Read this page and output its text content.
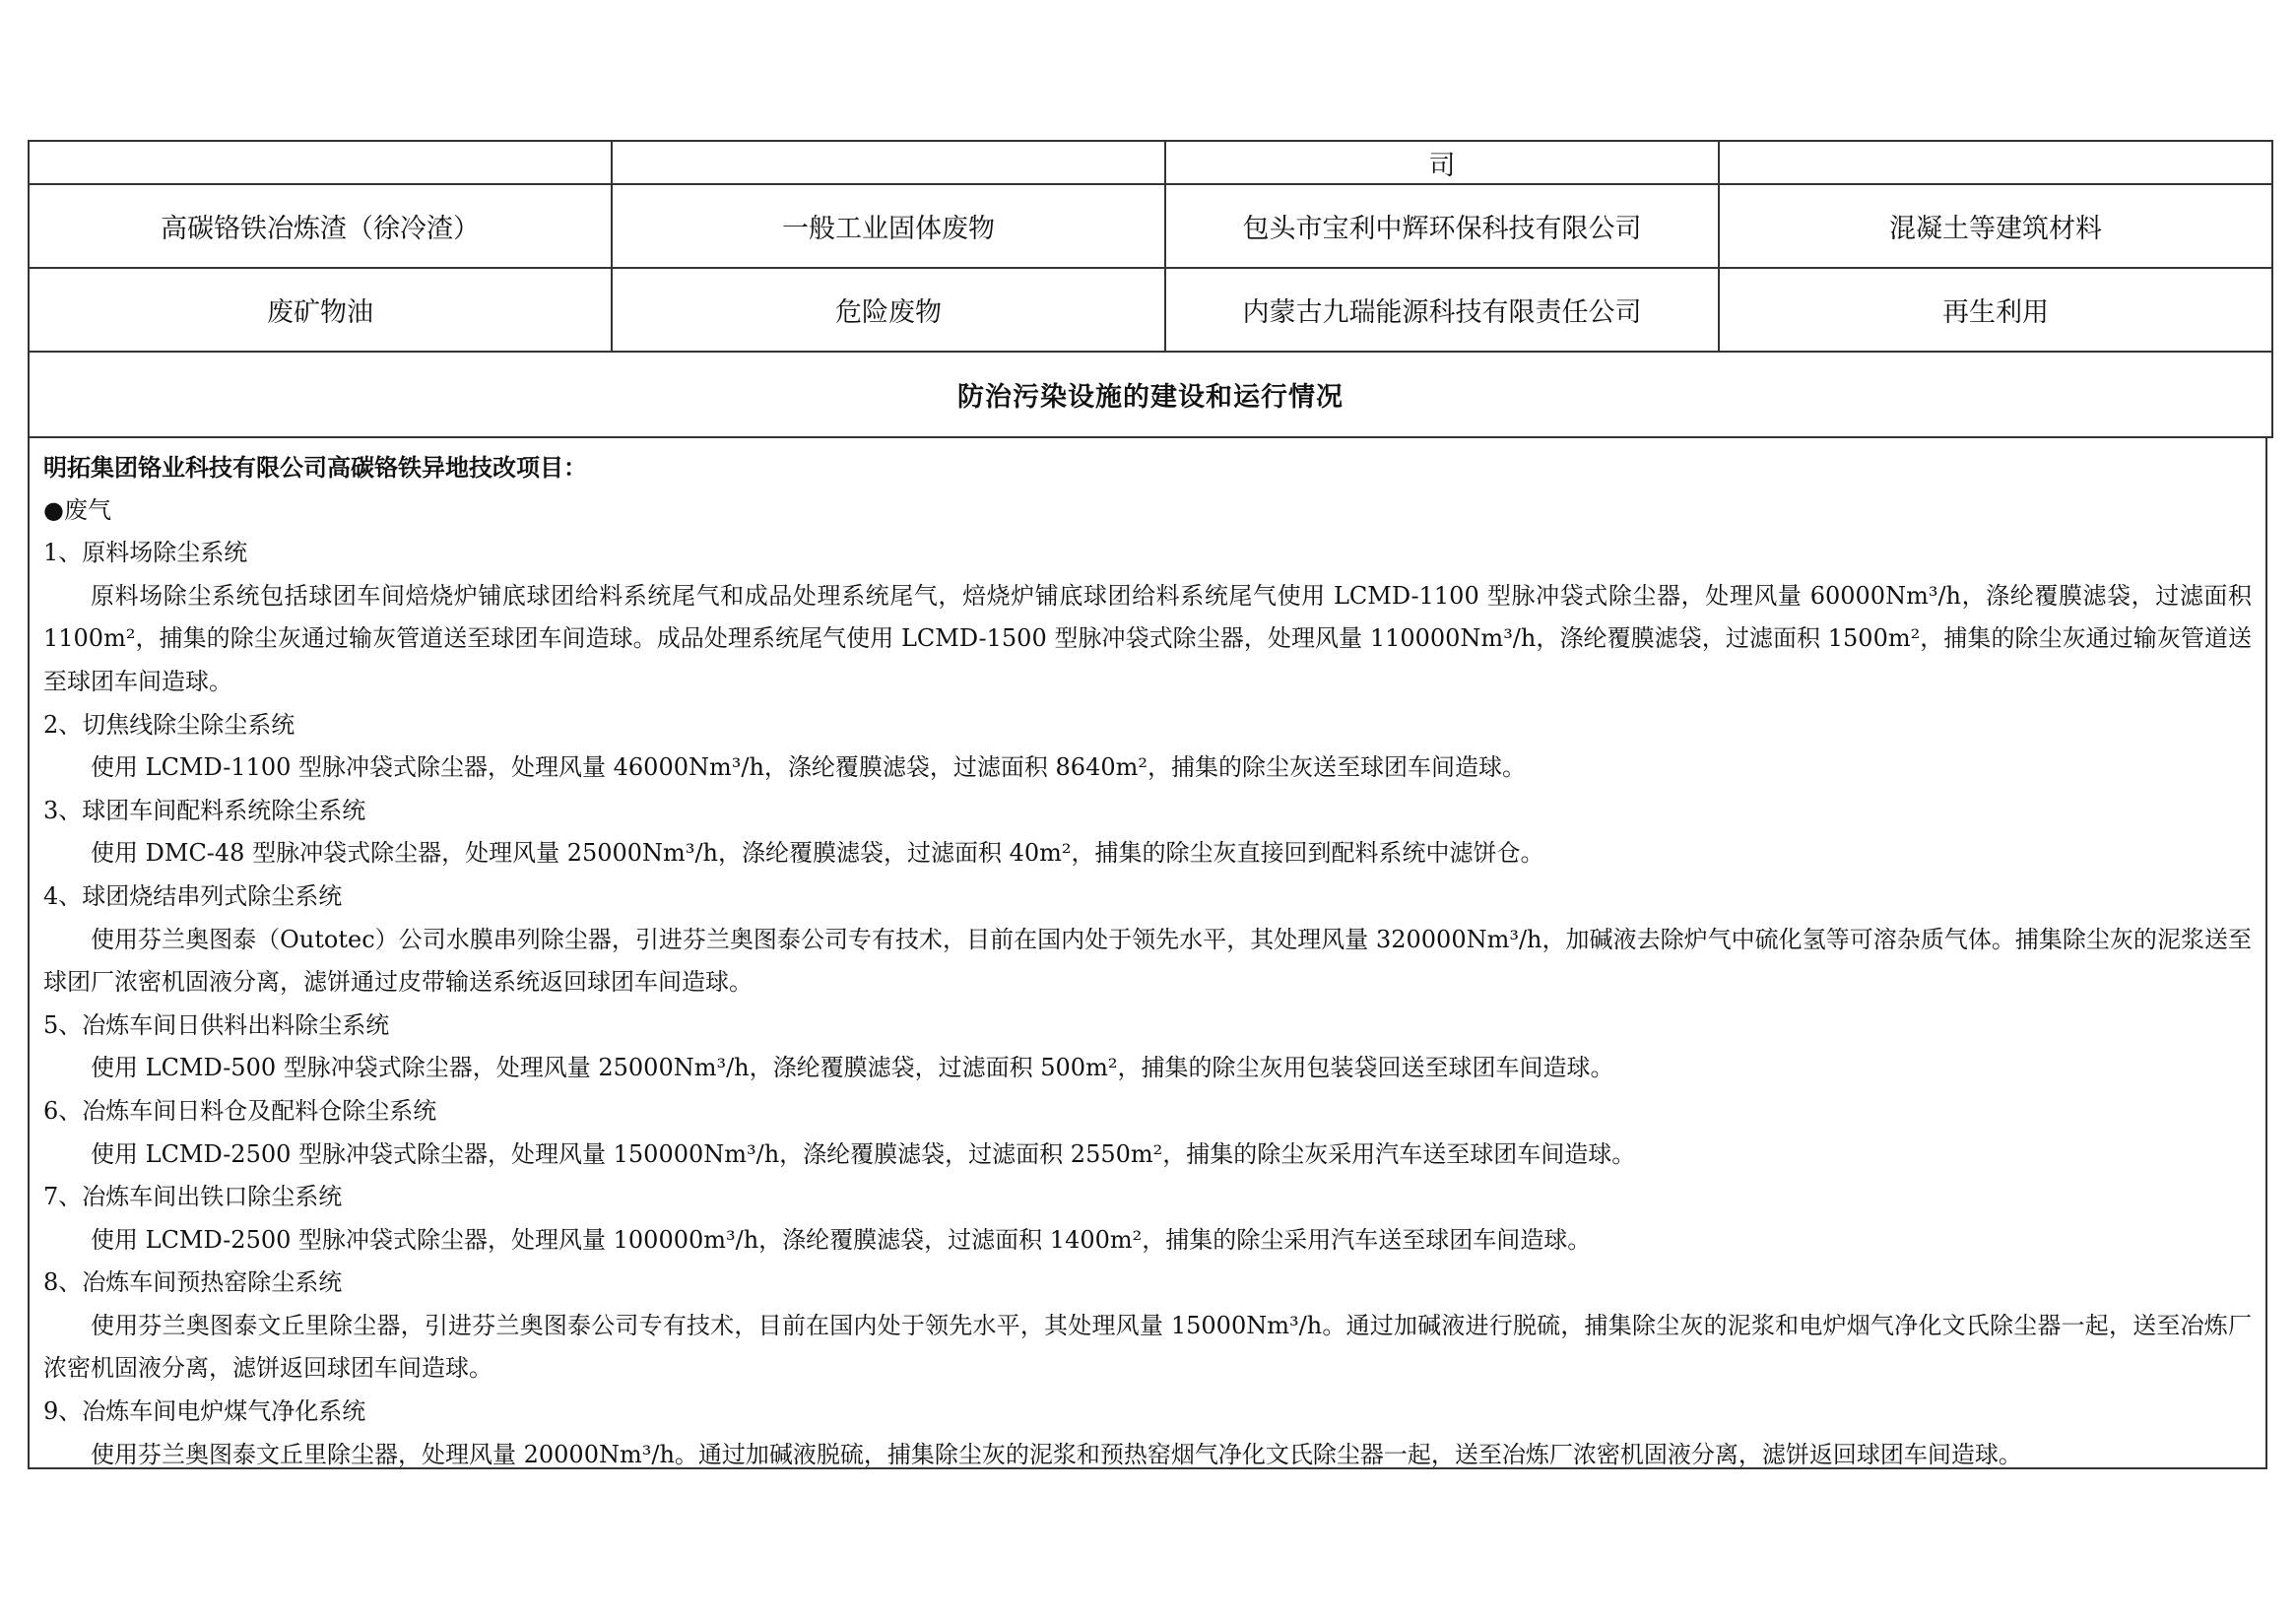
		司	
高碳铬铁冶炼渣（徐冷渣）	一般工业固体废物	包头市宝利中辉环保科技有限公司	混凝土等建筑材料
废矿物油	危险废物	内蒙古九瑞能源科技有限责任公司	再生利用
防治污染设施的建设和运行情况			
明拓集团铬业科技有限公司高碳铬铁异地技改项目：
●废气
1、原料场除尘系统
原料场除尘系统包括球团车间焙烧炉铺底球团给料系统尾气和成品处理系统尾气，焙烧炉铺底球团给料系统尾气使用 LCMD-1100 型脉冲袋式除尘器，处理风量 60000Nm³/h，涤纶覆膜滤袋，过滤面积 1100m²，捕集的除尘灰通过输灰管道送至球团车间造球。成品处理系统尾气使用 LCMD-1500 型脉冲袋式除尘器，处理风量 110000Nm³/h，涤纶覆膜滤袋，过滤面积 1500m²，捕集的除尘灰通过输灰管道送至球团车间造球。
2、切焦线除尘除尘系统
使用 LCMD-1100 型脉冲袋式除尘器，处理风量 46000Nm³/h，涤纶覆膜滤袋，过滤面积 8640m²，捕集的除尘灰送至球团车间造球。
3、球团车间配料系统除尘系统
使用 DMC-48 型脉冲袋式除尘器，处理风量 25000Nm³/h，涤纶覆膜滤袋，过滤面积 40m²，捕集的除尘灰直接回到配料系统中滤饼仓。
4、球团烧结串列式除尘系统
使用芬兰奥图泰（Outotec）公司水膜串列除尘器，引进芬兰奥图泰公司专有技术，目前在国内处于领先水平，其处理风量 320000Nm³/h，加碱液去除炉气中硫化氢等可溶杂质气体。捕集除尘灰的泥浆送至球团厂浓密机固液分离，滤饼通过皮带输送系统返回球团车间造球。
5、冶炼车间日供料出料除尘系统
使用 LCMD-500 型脉冲袋式除尘器，处理风量 25000Nm³/h，涤纶覆膜滤袋，过滤面积 500m²，捕集的除尘灰用包装袋回送至球团车间造球。
6、冶炼车间日料仓及配料仓除尘系统
使用 LCMD-2500 型脉冲袋式除尘器，处理风量 150000Nm³/h，涤纶覆膜滤袋，过滤面积 2550m²，捕集的除尘灰采用汽车送至球团车间造球。
7、冶炼车间出铁口除尘系统
使用 LCMD-2500 型脉冲袋式除尘器，处理风量 100000m³/h，涤纶覆膜滤袋，过滤面积 1400m²，捕集的除尘采用汽车送至球团车间造球。
8、冶炼车间预热窑除尘系统
使用芬兰奥图泰文丘里除尘器，引进芬兰奥图泰公司专有技术，目前在国内处于领先水平，其处理风量 15000Nm³/h。通过加碱液进行脱硫，捕集除尘灰的泥浆和电炉烟气净化文氏除尘器一起，送至冶炼厂浓密机固液分离，滤饼返回球团车间造球。
9、冶炼车间电炉煤气净化系统
使用芬兰奥图泰文丘里除尘器，处理风量 20000Nm³/h。通过加碱液脱硫，捕集除尘灰的泥浆和预热窑烟气净化文氏除尘器一起，送至冶炼厂浓密机固液分离，滤饼返回球团车间造球。
